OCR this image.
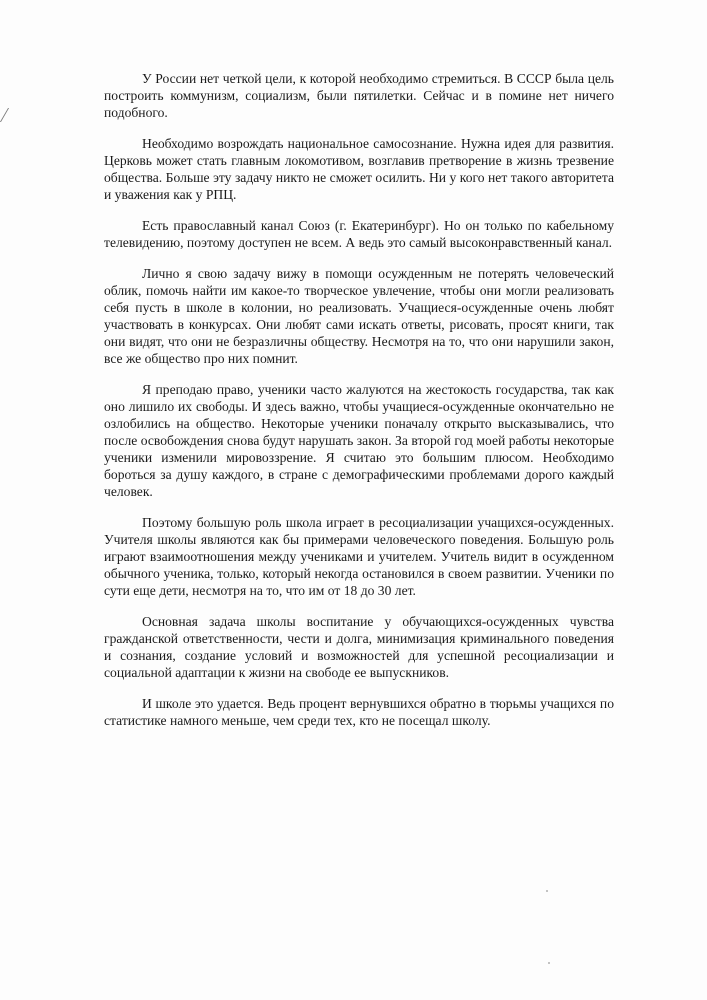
У России нет четкой цели, к которой необходимо стремиться. В СССР была цель построить коммунизм, социализм, были пятилетки. Сейчас и в помине нет ничего подобного.

Необходимо возрождать национальное самосознание. Нужна идея для развития. Церковь может стать главным локомотивом, возглавив претворение в жизнь трезвение общества. Больше эту задачу никто не сможет осилить. Ни у кого нет такого авторитета и уважения как у РПЦ.

Есть православный канал Союз (г. Екатеринбург). Но он только по кабельному телевидению, поэтому доступен не всем. А ведь это самый высоконравственный канал.

Лично я свою задачу вижу в помощи осужденным не потерять человеческий облик, помочь найти им какое-то творческое увлечение, чтобы они могли реализовать себя пусть в школе в колонии, но реализовать. Учащиеся-осужденные очень любят участвовать в конкурсах. Они любят сами искать ответы, рисовать, просят книги, так они видят, что они не безразличны обществу. Несмотря на то, что они нарушили закон, все же общество про них помнит.

Я преподаю право, ученики часто жалуются на жестокость государства, так как оно лишило их свободы. И здесь важно, чтобы учащиеся-осужденные окончательно не озлобились на общество. Некоторые ученики поначалу открыто высказывались, что после освобождения снова будут нарушать закон. За второй год моей работы некоторые ученики изменили мировоззрение. Я считаю это большим плюсом. Необходимо бороться за душу каждого, в стране с демографическими проблемами дорого каждый человек.

Поэтому большую роль школа играет в ресоциализации учащихся-осужденных. Учителя школы являются как бы примерами человеческого поведения. Большую роль играют взаимоотношения между учениками и учителем. Учитель видит в осужденном обычного ученика, только, который некогда остановился в своем развитии. Ученики по сути еще дети, несмотря на то, что им от 18 до 30 лет.

Основная задача школы воспитание у обучающихся-осужденных чувства гражданской ответственности, чести и долга, минимизация криминального поведения и сознания, создание условий и возможностей для успешной ресоциализации и социальной адаптации к жизни на свободе ее выпускников.

И школе это удается. Ведь процент вернувшихся обратно в тюрьмы учащихся по статистике намного меньше, чем среди тех, кто не посещал школу.
